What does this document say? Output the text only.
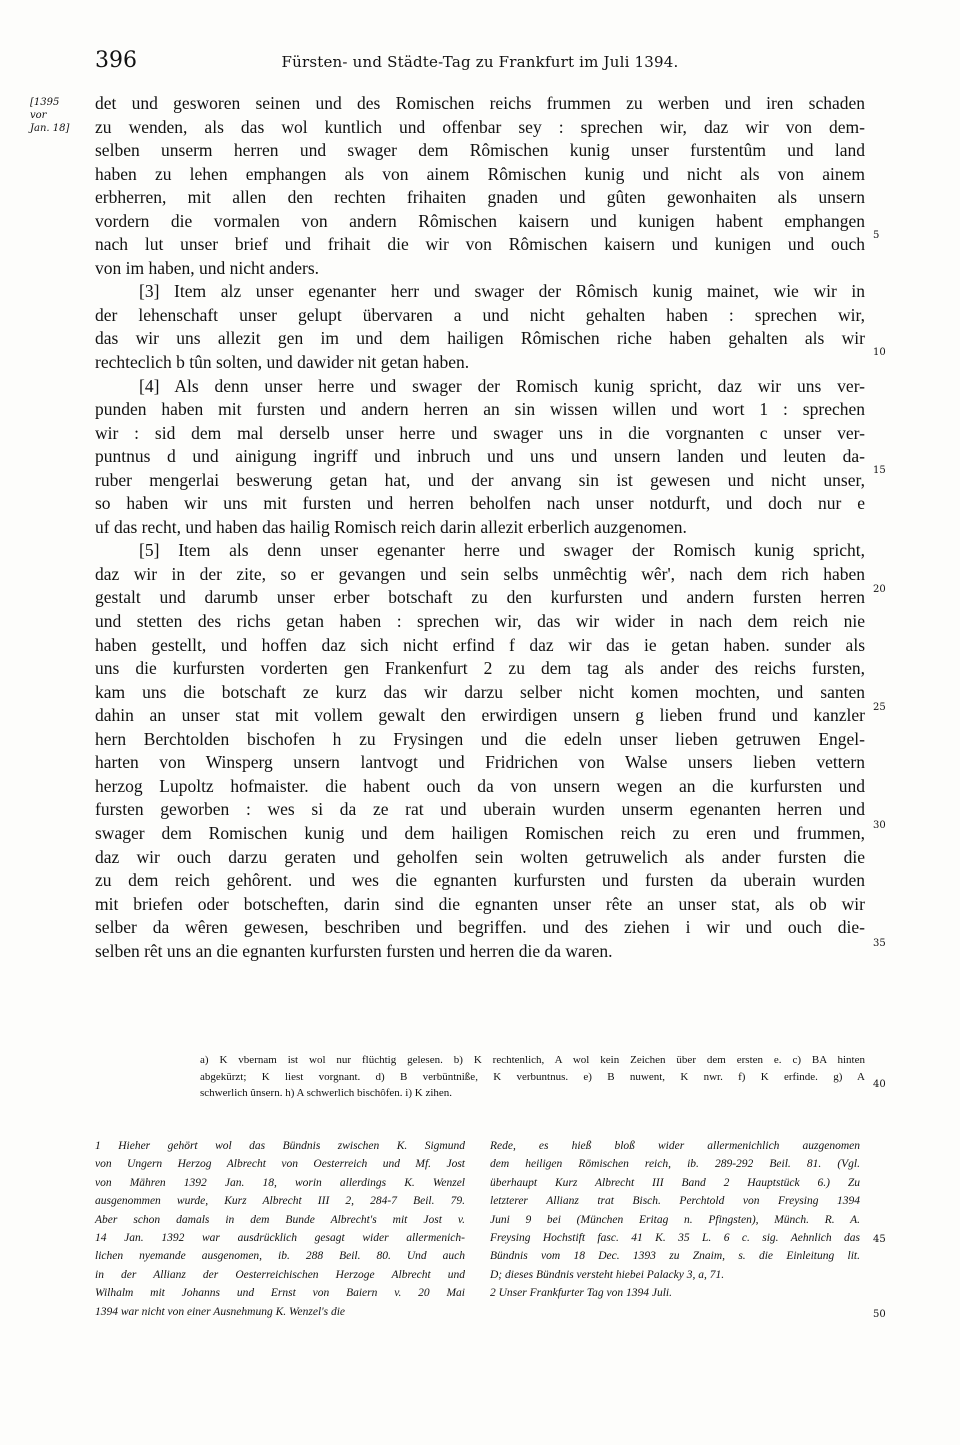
396	Fürsten- und Städte-Tag zu Frankfurt im Juli 1394.
[1395
vor
Jan. 18]
det und gesworen seinen und des Romischen reichs frummen zu werben und iren schaden
zu wenden, als das wol kuntlich und offenbar sey : sprechen wir, daz wir von dem-
selben unserm herren und swager dem Rômischen kunig unser furstentûm und land
haben zu lehen emphangen als von ainem Rômischen kunig und nicht als von ainem
erbherren, mit allen den rechten frihaiten gnaden und gûten gewonhaiten als unsern
vordern die vormalen von andern Rômischen kaisern und kunigen habent emphangen
nach lut unser brief und frihait die wir von Rômischen kaisern und kunigen und ouch
von im haben, und nicht anders.
[3] Item alz unser egenanter herr und swager der Rômisch kunig mainet, wie wir in
der lehenschaft unser gelupt übervaren a und nicht gehalten haben : sprechen wir,
das wir uns allezit gen im und dem hailigen Rômischen riche haben gehalten als wir
rechteclich b tûn solten, und dawider nit getan haben.
[4] Als denn unser herre und swager der Romisch kunig spricht, daz wir uns ver-
punden haben mit fursten und andern herren an sin wissen willen und wort 1 : sprechen
wir : sid dem mal derselb unser herre und swager uns in die vorgnanten c unser ver-
puntnus d und ainigung ingriff und inbruch und uns und unsern landen und leuten da-
ruber mengerlai beswerung getan hat, und der anvang sin ist gewesen und nicht unser,
so haben wir uns mit fursten und herren beholfen nach unser notdurft, und doch nur e
uf das recht, und haben das hailig Romisch reich darin allezit erberlich auzgenomen.
[5] Item als denn unser egenanter herre und swager der Romisch kunig spricht,
daz wir in der zite, so er gevangen und sein selbs unmêchtig wêr', nach dem rich haben
gestalt und darumb unser erber botschaft zu den kurfursten und andern fursten herren
und stetten des richs getan haben : sprechen wir, das wir wider in nach dem reich nie
haben gestellt, und hoffen daz sich nicht erfind f daz wir das ie getan haben. sunder als
uns die kurfursten vorderten gen Frankenfurt 2 zu dem tag als ander des reichs fursten,
kam uns die botschaft ze kurz das wir darzu selber nicht komen mochten, und santen
dahin an unser stat mit vollem gewalt den erwirdigen unsern g lieben frund und kanzler
hern Berchtolden bischofen h zu Frysingen und die edeln unser lieben getruwen Engel-
harten von Winsperg unsern lantvogt und Fridrichen von Walse unsers lieben vettern
herzog Lupoltz hofmaister. die habent ouch da von unsern wegen an die kurfursten und
fursten geworben : wes si da ze rat und uberain wurden unserm egenanten herren und
swager dem Romischen kunig und dem hailigen Romischen reich zu eren und frummen,
daz wir ouch darzu geraten und geholfen sein wolten getruwelich als ander fursten die
zu dem reich gehôrent. und wes die egnanten kurfursten und fursten da uberain wurden
mit briefen oder botscheften, darin sind die egnanten unser rête an unser stat, als ob wir
selber da wêren gewesen, beschriben und begriffen. und des ziehen i wir und ouch die-
selben rêt uns an die egnanten kurfursten fursten und herren die da waren.
5
10
15
20
25
30
35
40
45
50
a) K vbernam ist wol nur flüchtig gelesen. b) K rechtenlich, A wol kein Zeichen über dem ersten e. c) BA hinten
abgekürzt; K liest vorgnant. d) B verbüntniße, K verbuntnus. e) B nuwent, K nwr. f) K erfinde. g) A
schwerlich ûnsern. h) A schwerlich bischôfen. i) K zihen.
1 Hieher gehört wol das Bündnis zwischen K. Sigmund
von Ungern Herzog Albrecht von Oesterreich und Mf. Jost
von Mähren 1392 Jan. 18, worin allerdings K. Wenzel
ausgenommen wurde, Kurz Albrecht III 2, 284-7 Beil. 79.
Aber schon damals in dem Bunde Albrecht's mit Jost v.
14 Jan. 1392 war ausdrücklich gesagt wider allermenich-
lichen nyemande ausgenomen, ib. 288 Beil. 80. Und auch
in der Allianz der Oesterreichischen Herzoge Albrecht und
Wilhalm mit Johanns und Ernst von Baiern v. 20 Mai
1394 war nicht von einer Ausnehmung K. Wenzel's die
Rede, es hieß bloß wider allermenichlich auzgenomen
dem heiligen Römischen reich, ib. 289-292 Beil. 81. (Vgl.
überhaupt Kurz Albrecht III Band 2 Hauptstück 6.) Zu
letzterer Allianz trat Bisch. Perchtold von Freysing 1394
Juni 9 bei (München Eritag n. Pfingsten), Münch. R. A.
Freysing Hochstift fasc. 41 K. 35 L. 6 c. sig. Aehnlich das
Bündnis vom 18 Dec. 1393 zu Znaim, s. die Einleitung lit.
D; dieses Bündnis versteht hiebei Palacky 3, a, 71.
2 Unser Frankfurter Tag von 1394 Juli.
